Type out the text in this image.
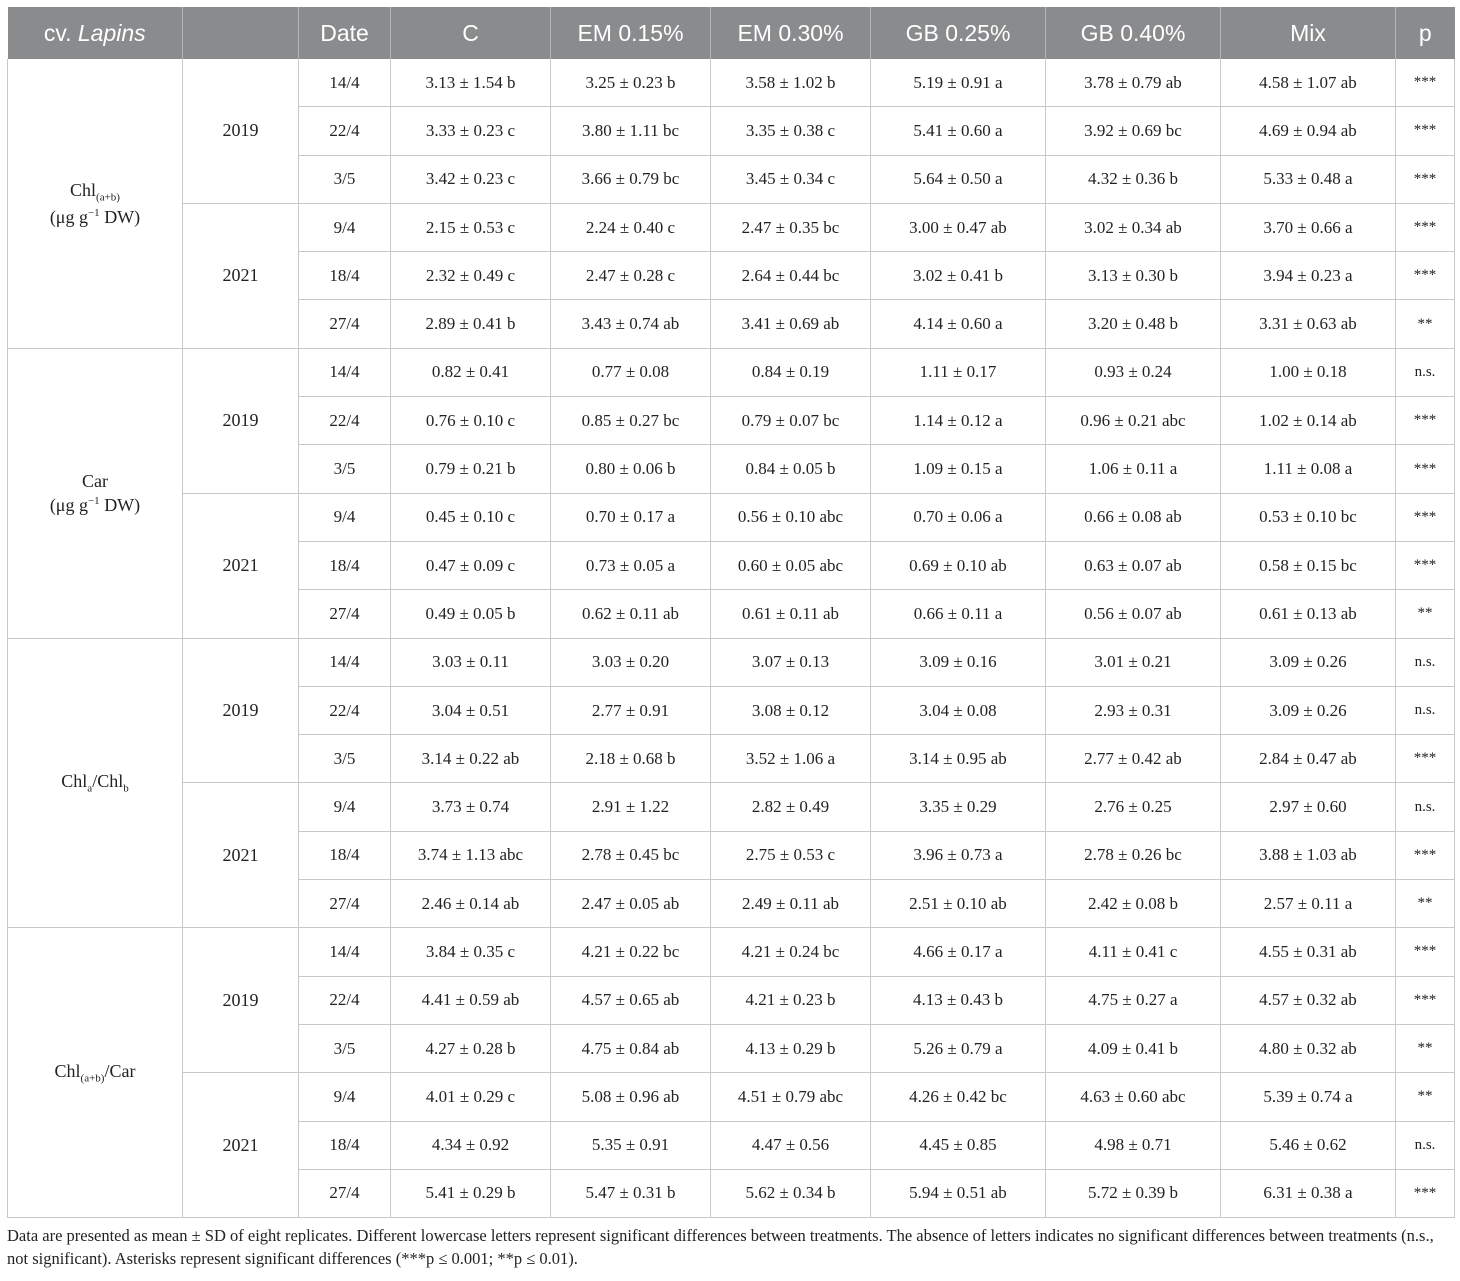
cv. Lapins		Date	C	EM 0.15%	EM 0.30%	GB 0.25%	GB 0.40%	Mix	p
Chl$_{(a+b)}$
(μg $g^{-1}$ DW)	2019	14/4	3.13 ± 1.54 b	3.25 ± 0.23 b	3.58 ± 1.02 b	5.19 ± 0.91 a	3.78 ± 0.79 ab	4.58 ± 1.07 ab	***
		22/4	3.33 ± 0.23 c	3.80 ± 1.11 bc	3.35 ± 0.38 c	5.41 ± 0.60 a	3.92 ± 0.69 bc	4.69 ± 0.94 ab	***
		3/5	3.42 ± 0.23 c	3.66 ± 0.79 bc	3.45 ± 0.34 c	5.64 ± 0.50 a	4.32 ± 0.36 b	5.33 ± 0.48 a	***
	2021	9/4	2.15 ± 0.53 c	2.24 ± 0.40 c	2.47 ± 0.35 bc	3.00 ± 0.47 ab	3.02 ± 0.34 ab	3.70 ± 0.66 a	***
		18/4	2.32 ± 0.49 c	2.47 ± 0.28 c	2.64 ± 0.44 bc	3.02 ± 0.41 b	3.13 ± 0.30 b	3.94 ± 0.23 a	***
		27/4	2.89 ± 0.41 b	3.43 ± 0.74 ab	3.41 ± 0.69 ab	4.14 ± 0.60 a	3.20 ± 0.48 b	3.31 ± 0.63 ab	**
Car
(μg $g^{-1}$ DW)	2019	14/4	0.82 ± 0.41	0.77 ± 0.08	0.84 ± 0.19	1.11 ± 0.17	0.93 ± 0.24	1.00 ± 0.18	n.s.
		22/4	0.76 ± 0.10 c	0.85 ± 0.27 bc	0.79 ± 0.07 bc	1.14 ± 0.12 a	0.96 ± 0.21 abc	1.02 ± 0.14 ab	***
		3/5	0.79 ± 0.21 b	0.80 ± 0.06 b	0.84 ± 0.05 b	1.09 ± 0.15 a	1.06 ± 0.11 a	1.11 ± 0.08 a	***
	2021	9/4	0.45 ± 0.10 c	0.70 ± 0.17 a	0.56 ± 0.10 abc	0.70 ± 0.06 a	0.66 ± 0.08 ab	0.53 ± 0.10 bc	***
		18/4	0.47 ± 0.09 c	0.73 ± 0.05 a	0.60 ± 0.05 abc	0.69 ± 0.10 ab	0.63 ± 0.07 ab	0.58 ± 0.15 bc	***
		27/4	0.49 ± 0.05 b	0.62 ± 0.11 ab	0.61 ± 0.11 ab	0.66 ± 0.11 a	0.56 ± 0.07 ab	0.61 ± 0.13 ab	**
Chl$_a$/Chl$_b$	2019	14/4	3.03 ± 0.11	3.03 ± 0.20	3.07 ± 0.13	3.09 ± 0.16	3.01 ± 0.21	3.09 ± 0.26	n.s.
		22/4	3.04 ± 0.51	2.77 ± 0.91	3.08 ± 0.12	3.04 ± 0.08	2.93 ± 0.31	3.09 ± 0.26	n.s.
		3/5	3.14 ± 0.22 ab	2.18 ± 0.68 b	3.52 ± 1.06 a	3.14 ± 0.95 ab	2.77 ± 0.42 ab	2.84 ± 0.47 ab	***
	2021	9/4	3.73 ± 0.74	2.91 ± 1.22	2.82 ± 0.49	3.35 ± 0.29	2.76 ± 0.25	2.97 ± 0.60	n.s.
		18/4	3.74 ± 1.13 abc	2.78 ± 0.45 bc	2.75 ± 0.53 c	3.96 ± 0.73 a	2.78 ± 0.26 bc	3.88 ± 1.03 ab	***
		27/4	2.46 ± 0.14 ab	2.47 ± 0.05 ab	2.49 ± 0.11 ab	2.51 ± 0.10 ab	2.42 ± 0.08 b	2.57 ± 0.11 a	**
Chl$_{(a+b)}$/Car	2019	14/4	3.84 ± 0.35 c	4.21 ± 0.22 bc	4.21 ± 0.24 bc	4.66 ± 0.17 a	4.11 ± 0.41 c	4.55 ± 0.31 ab	***
		22/4	4.41 ± 0.59 ab	4.57 ± 0.65 ab	4.21 ± 0.23 b	4.13 ± 0.43 b	4.75 ± 0.27 a	4.57 ± 0.32 ab	***
		3/5	4.27 ± 0.28 b	4.75 ± 0.84 ab	4.13 ± 0.29 b	5.26 ± 0.79 a	4.09 ± 0.41 b	4.80 ± 0.32 ab	**
	2021	9/4	4.01 ± 0.29 c	5.08 ± 0.96 ab	4.51 ± 0.79 abc	4.26 ± 0.42 bc	4.63 ± 0.60 abc	5.39 ± 0.74 a	**
		18/4	4.34 ± 0.92	5.35 ± 0.91	4.47 ± 0.56	4.45 ± 0.85	4.98 ± 0.71	5.46 ± 0.62	n.s.
		27/4	5.41 ± 0.29 b	5.47 ± 0.31 b	5.62 ± 0.34 b	5.94 ± 0.51 ab	5.72 ± 0.39 b	6.31 ± 0.38 a	***
Data are presented as mean ± SD of eight replicates. Different lowercase letters represent significant differences between treatments. The absence of letters indicates no significant differences between treatments (n.s., not significant). Asterisks represent significant differences (***p ≤ 0.001; **p ≤ 0.01).
